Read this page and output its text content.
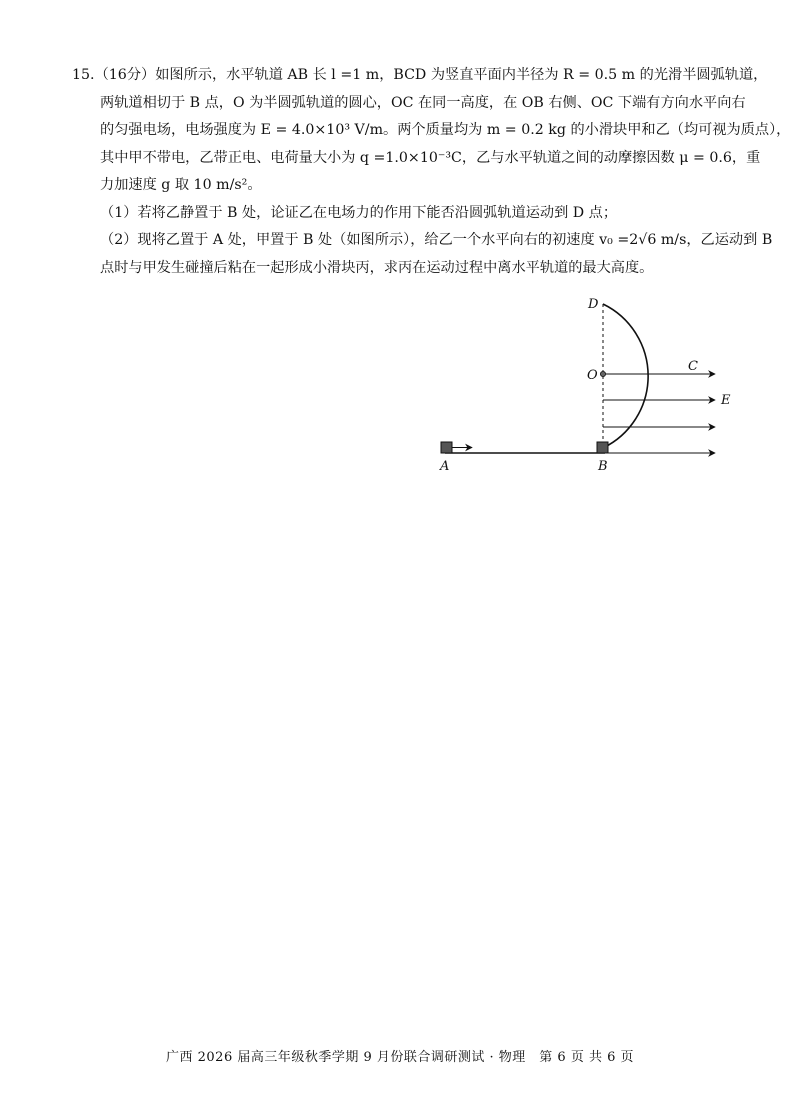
15.（16分）如图所示，水平轨道 AB 长 l =1 m，BCD 为竖直平面内半径为 R = 0.5 m 的光滑半圆弧轨道，
两轨道相切于 B 点，O 为半圆弧轨道的圆心，OC 在同一高度，在 OB 右侧、OC 下端有方向水平向右
的匀强电场，电场强度为 E = 4.0×10³ V/m。两个质量均为 m = 0.2 kg 的小滑块甲和乙（均可视为质点），
其中甲不带电，乙带正电、电荷量大小为 q =1.0×10⁻³C，乙与水平轨道之间的动摩擦因数 μ = 0.6，重
力加速度 g 取 10 m/s²。
（1）若将乙静置于 B 处，论证乙在电场力的作用下能否沿圆弧轨道运动到 D 点；
（2）现将乙置于 A 处，甲置于 B 处（如图所示），给乙一个水平向右的初速度 v₀ =2√6 m/s，乙运动到 B
点时与甲发生碰撞后粘在一起形成小滑块丙，求丙在运动过程中离水平轨道的最大高度。
A	B
C
D
O
E
广西 2026 届高三年级秋季学期 9 月份联合调研测试 · 物理　第 6 页 共 6 页
